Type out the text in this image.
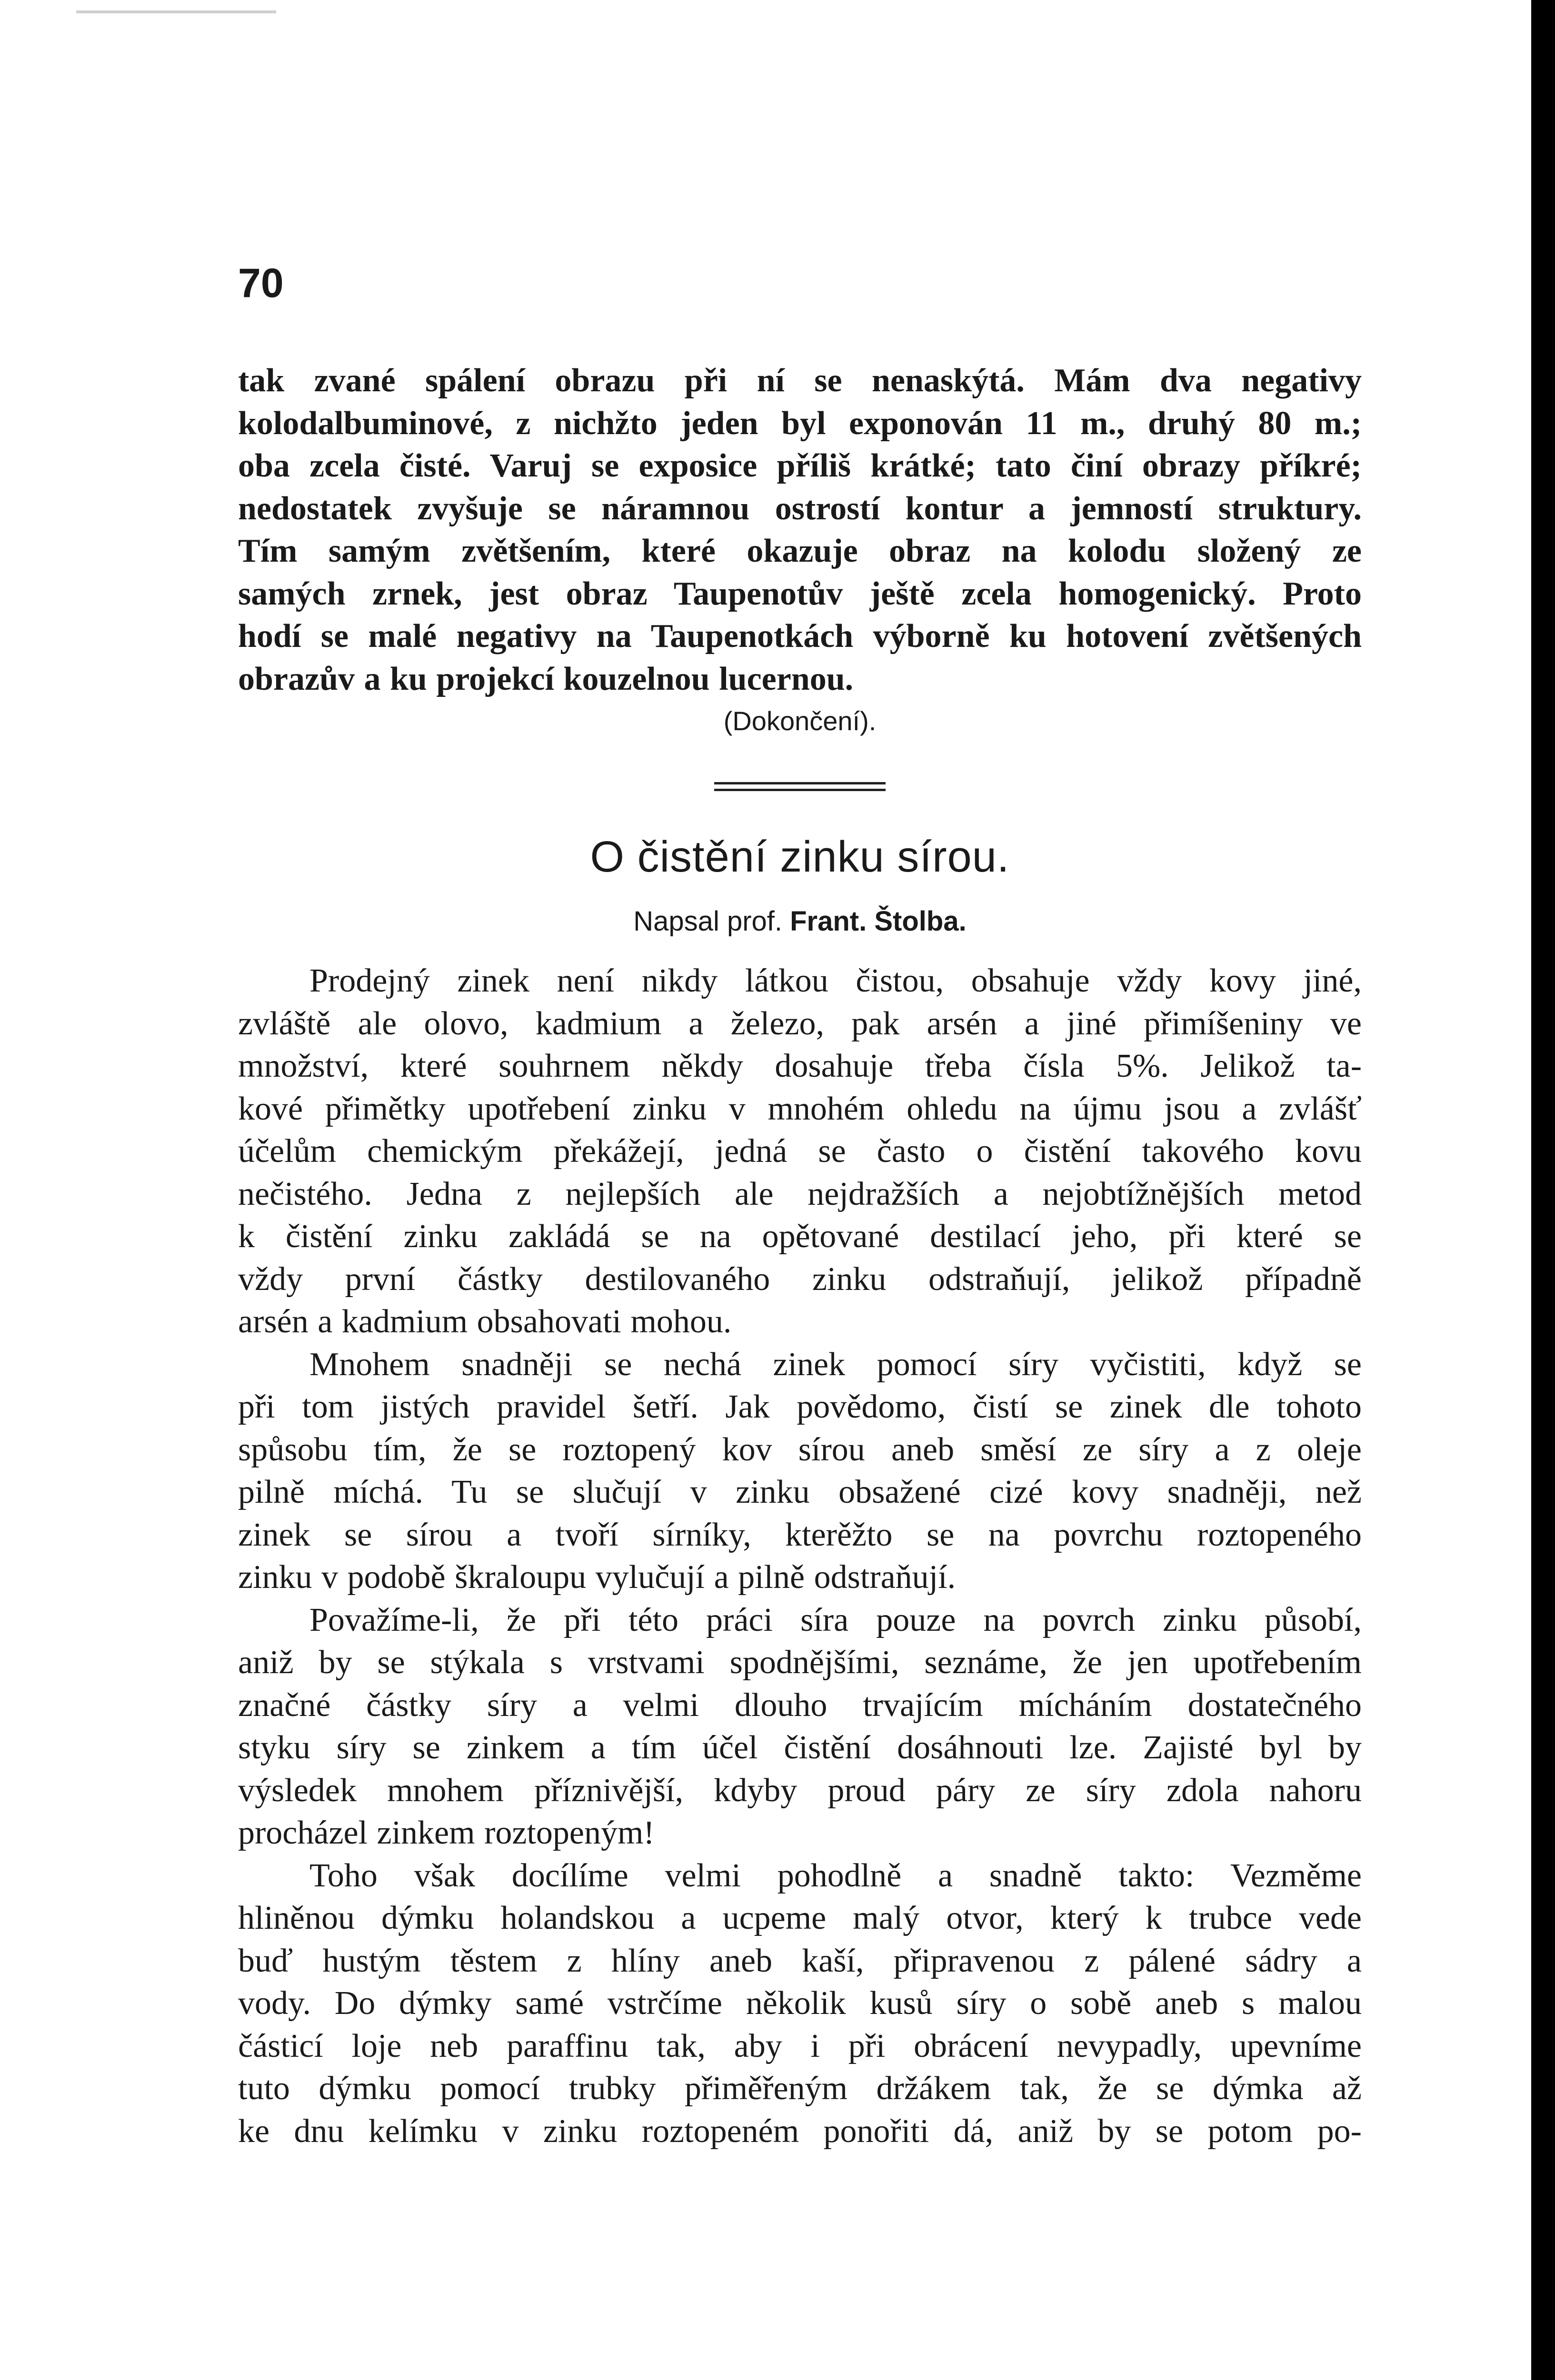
70
tak zvané spálení obrazu při ní se nenaskýtá. Mám dva negativy
kolodalbuminové, z nichžto jeden byl exponován 11 m., druhý 80 m.;
oba zcela čisté. Varuj se exposice příliš krátké; tato činí obrazy příkré;
nedostatek zvyšuje se náramnou ostrostí kontur a jemností struktury.
Tím samým zvětšením, které okazuje obraz na kolodu složený ze
samých zrnek, jest obraz Taupenotův ještě zcela homogenický. Proto
hodí se malé negativy na Taupenotkách výborně ku hotovení zvětšených
obrazův a ku projekcí kouzelnou lucernou.
(Dokončení).
O čistění zinku sírou.
Napsal prof. Frant. Štolba.
Prodejný zinek není nikdy látkou čistou, obsahuje vždy kovy jiné,
zvláště ale olovo, kadmium a železo, pak arsén a jiné přimíšeniny ve
množství, které souhrnem někdy dosahuje třeba čísla 5%. Jelikož ta-
kové přimětky upotřebení zinku v mnohém ohledu na újmu jsou a zvlášť
účelům chemickým překážejí, jedná se často o čistění takového kovu
nečistého. Jedna z nejlepších ale nejdražších a nejobtížnějších metod
k čistění zinku zakládá se na opětované destilací jeho, při které se
vždy první částky destilovaného zinku odstraňují, jelikož případně
arsén a kadmium obsahovati mohou.
Mnohem snadněji se nechá zinek pomocí síry vyčistiti, když se
při tom jistých pravidel šetří. Jak povědomo, čistí se zinek dle tohoto
spůsobu tím, že se roztopený kov sírou aneb směsí ze síry a z oleje
pilně míchá. Tu se slučují v zinku obsažené cizé kovy snadněji, než
zinek se sírou a tvoří sírníky, kterěžto se na povrchu roztopeného
zinku v podobě škraloupu vylučují a pilně odstraňují.
Považíme-li, že při této práci síra pouze na povrch zinku působí,
aniž by se stýkala s vrstvami spodnějšími, seznáme, že jen upotřebením
značné částky síry a velmi dlouho trvajícím mícháním dostatečného
styku síry se zinkem a tím účel čistění dosáhnouti lze. Zajisté byl by
výsledek mnohem příznivější, kdyby proud páry ze síry zdola nahoru
procházel zinkem roztopeným!
Toho však docílíme velmi pohodlně a snadně takto: Vezměme
hliněnou dýmku holandskou a ucpeme malý otvor, který k trubce vede
buď hustým těstem z hlíny aneb kaší, připravenou z pálené sádry a
vody. Do dýmky samé vstrčíme několik kusů síry o sobě aneb s malou
částicí loje neb paraffinu tak, aby i při obrácení nevypadly, upevníme
tuto dýmku pomocí trubky přiměřeným držákem tak, že se dýmka až
ke dnu kelímku v zinku roztopeném ponořiti dá, aniž by se potom po-
